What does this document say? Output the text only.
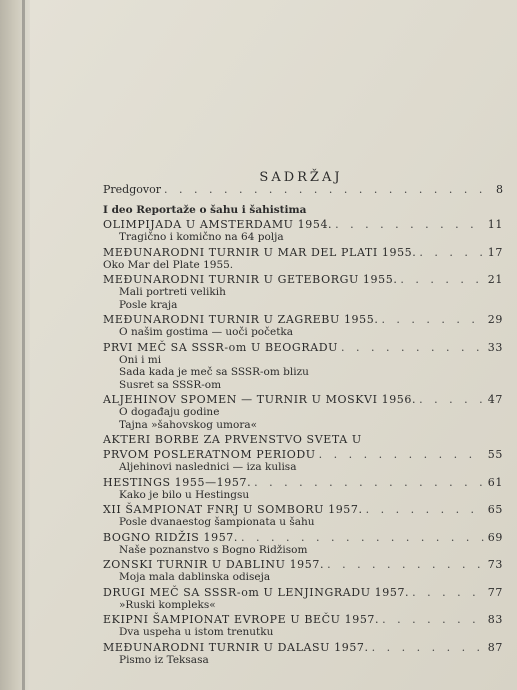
SADRŽAJ
Predgovor . . .	8
I deo Reportaže o šahu i šahistima
OLIMPIJADA U AMSTERDAMU 1954. . . .	11
Tragično i komično na 64 polja
MEĐUNARODNI TURNIR U MAR DEL PLATI 1955. . . .	17
Oko Mar del Plate 1955.
MEĐUNARODNI TURNIR U GETEBORGU 1955. . . .	21
Mali portreti velikih
Posle kraja
MEĐUNARODNI TURNIR U ZAGREBU 1955. . . .	29
O našim gostima — uoči početka
PRVI MEČ SA SSSR-om U BEOGRADU . . .	33
Oni i mi
Sada kada je meč sa SSSR-om blizu
Susret sa SSSR-om
ALJEHINOV SPOMEN — TURNIR U MOSKVI 1956. . . .	47
O događaju godine
Tajna »šahovskog umora«
AKTERI BORBE ZA PRVENSTVO SVETA U
PRVOM POSLERATNOM PERIODU . . .	55
Aljehinovi naslednici — iza kulisa
HESTINGS 1955—1957. . . .	61
Kako je bilo u Hestingsu
XII ŠAMPIONAT FNRJ U SOMBORU 1957. . . .	65
Posle dvanaestog šampionata u šahu
BOGNO RIDŽIS 1957. . . .	69
Naše poznanstvo s Bogno Ridžisom
ZONSKI TURNIR U DABLINU 1957. . . .	73
Moja mala dablinska odiseja
DRUGI MEČ SA SSSR-om U LENJINGRADU 1957. . . .	77
»Ruski kompleks«
EKIPNI ŠAMPIONAT EVROPE U BEČU 1957. . . .	83
Dva uspeha u istom trenutku
MEĐUNARODNI TURNIR U DALASU 1957. . . .	87
Pismo iz Teksasa
